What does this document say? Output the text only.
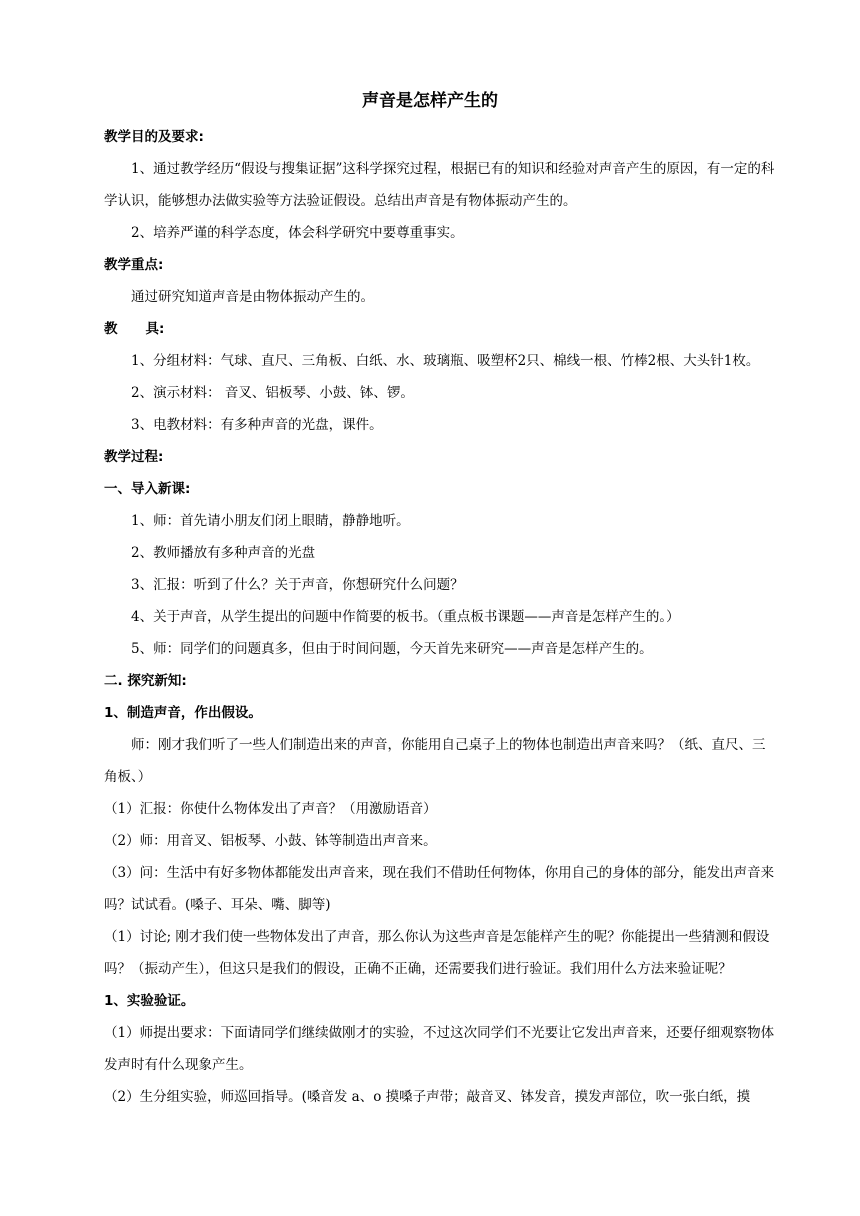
声音是怎样产生的

教学目的及要求:

1、通过教学经历“假设与搜集证据”这科学探究过程，根据已有的知识和经验对声音产生的原因，有一定的科学认识，能够想办法做实验等方法验证假设。总结出声音是有物体振动产生的。

2、培养严谨的科学态度，体会科学研究中要尊重事实。

教学重点:

通过研究知道声音是由物体振动产生的。

教 具:

1、分组材料：气球、直尺、三角板、白纸、水、玻璃瓶、吸塑杯2只、棉线一根、竹棒2根、大头针1枚。

2、演示材料： 音叉、铝板琴、小鼓、钵、锣。

3、电教材料：有多种声音的光盘，课件。

教学过程:

一、导入新课:

1、师：首先请小朋友们闭上眼睛，静静地听。

2、教师播放有多种声音的光盘

3、汇报：听到了什么？关于声音，你想研究什么问题？

4、关于声音，从学生提出的问题中作简要的板书。（重点板书课题——声音是怎样产生的。）

5、师：同学们的问题真多，但由于时间问题，今天首先来研究——声音是怎样产生的。

二. 探究新知:

1、制造声音，作出假设。

师：刚才我们听了一些人们制造出来的声音，你能用自己桌子上的物体也制造出声音来吗？（纸、直尺、三角板、）

（1）汇报：你使什么物体发出了声音？（用激励语音）

（2）师：用音叉、铝板琴、小鼓、钵等制造出声音来。

（3）问：生活中有好多物体都能发出声音来，现在我们不借助任何物体，你用自己的身体的部分，能发出声音来吗？试试看。(嗓子、耳朵、嘴、脚等)

（1）讨论; 刚才我们使一些物体发出了声音，那么你认为这些声音是怎能样产生的呢？你能提出一些猜测和假设吗？（振动产生），但这只是我们的假设，正确不正确，还需要我们进行验证。我们用什么方法来验证呢？

1、实验验证。

（1）师提出要求：下面请同学们继续做刚才的实验，不过这次同学们不光要让它发出声音来，还要仔细观察物体发声时有什么现象产生。

（2）生分组实验，师巡回指导。(嗓音发 a、o 摸嗓子声带；敲音叉、钵发音，摸发声部位，吹一张白纸，摸
